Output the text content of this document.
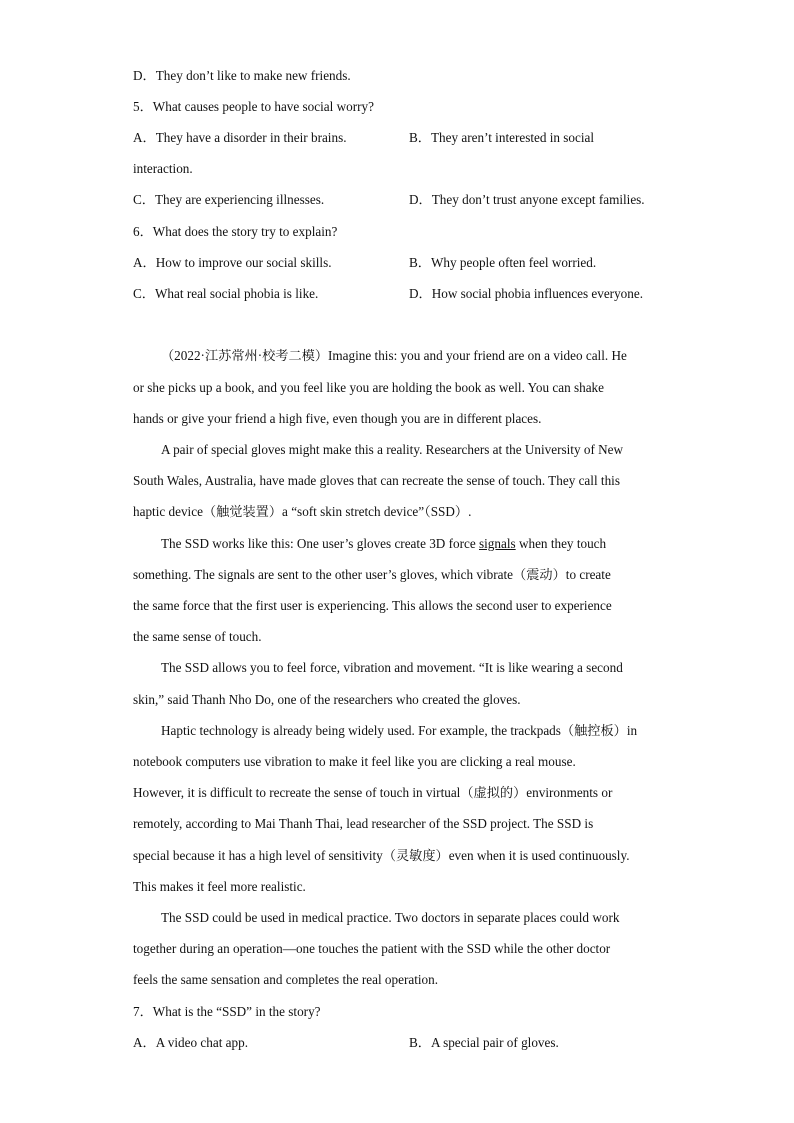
D．They don’t like to make new friends.
5．What causes people to have social worry?
A．They have a disorder in their brains.	B．They aren’t interested in social
interaction.
C．They are experiencing illnesses.	D．They don’t trust anyone except families.
6．What does the story try to explain?
A．How to improve our social skills.	B．Why people often feel worried.
C．What real social phobia is like.	D．How social phobia influences everyone.
（2022·江苏常州·校考二模）Imagine this: you and your friend are on a video call. He
or she picks up a book, and you feel like you are holding the book as well. You can shake
hands or give your friend a high five, even though you are in different places.
A pair of special gloves might make this a reality. Researchers at the University of New
South Wales, Australia, have made gloves that can recreate the sense of touch. They call this
haptic device（触觉装置）a “soft skin stretch device”（SSD）.
The SSD works like this: One user’s gloves create 3D force signals when they touch
something. The signals are sent to the other user’s gloves, which vibrate（震动）to create
the same force that the first user is experiencing. This allows the second user to experience
the same sense of touch.
The SSD allows you to feel force, vibration and movement. “It is like wearing a second
skin,” said Thanh Nho Do, one of the researchers who created the gloves.
Haptic technology is already being widely used. For example, the trackpads（触控板）in
notebook computers use vibration to make it feel like you are clicking a real mouse.
However, it is difficult to recreate the sense of touch in virtual（虚拟的）environments or
remotely, according to Mai Thanh Thai, lead researcher of the SSD project. The SSD is
special because it has a high level of sensitivity（灵敏度）even when it is used continuously.
This makes it feel more realistic.
The SSD could be used in medical practice. Two doctors in separate places could work
together during an operation—one touches the patient with the SSD while the other doctor
feels the same sensation and completes the real operation.
7．What is the “SSD” in the story?
A．A video chat app.	B．A special pair of gloves.
